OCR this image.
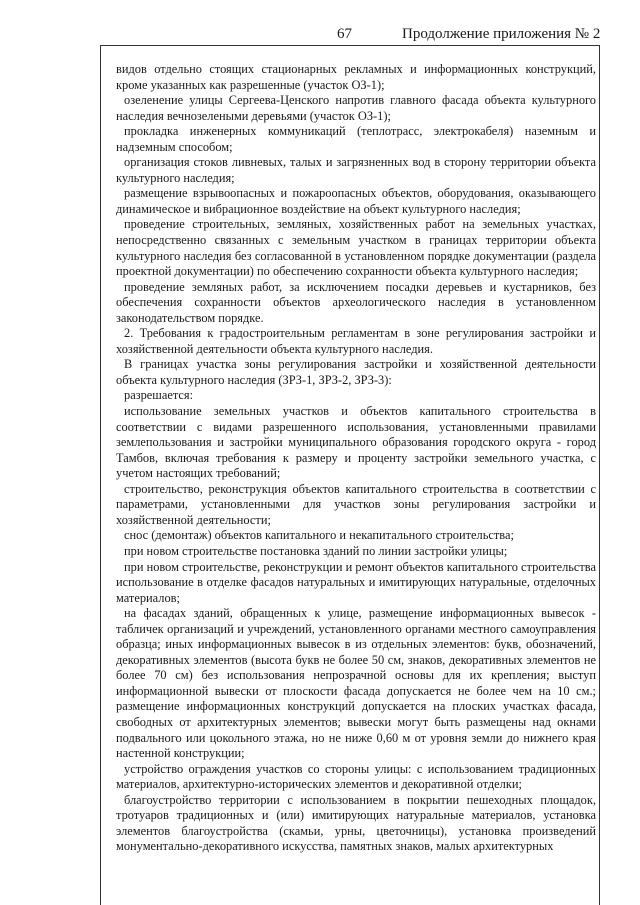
67	Продолжение приложения № 2

видов отдельно стоящих стационарных рекламных и информационных конструкций, кроме указанных как разрешенные (участок ОЗ-1);

озеленение улицы Сергеева-Ценского напротив главного фасада объекта культурного наследия вечнозелеными деревьями (участок ОЗ-1);

прокладка инженерных коммуникаций (теплотрасс, электрокабеля) наземным и надземным способом;

организация стоков ливневых, талых и загрязненных вод в сторону территории объекта культурного наследия;

размещение взрывоопасных и пожароопасных объектов, оборудования, оказывающего динамическое и вибрационное воздействие на объект культурного наследия;

проведение строительных, земляных, хозяйственных работ на земельных участках, непосредственно связанных с земельным участком в границах территории объекта культурного наследия без согласованной в установленном порядке документации (раздела проектной документации) по обеспечению сохранности объекта культурного наследия;

проведение земляных работ, за исключением посадки деревьев и кустарников, без обеспечения сохранности объектов археологического наследия в установленном законодательством порядке.

2. Требования к градостроительным регламентам в зоне регулирования застройки и хозяйственной деятельности объекта культурного наследия.

В границах участка зоны регулирования застройки и хозяйственной деятельности объекта культурного наследия (ЗРЗ-1, ЗРЗ-2, ЗРЗ-3):

разрешается:

использование земельных участков и объектов капитального строительства в соответствии с видами разрешенного использования, установленными правилами землепользования и застройки муниципального образования городского округа - город Тамбов, включая требования к размеру и проценту застройки земельного участка, с учетом настоящих требований;

строительство, реконструкция объектов капитального строительства в соответствии с параметрами, установленными для участков зоны регулирования застройки и хозяйственной деятельности;

снос (демонтаж) объектов капитального и некапитального строительства;

при новом строительстве постановка зданий по линии застройки улицы;

при новом строительстве, реконструкции и ремонт объектов капитального строительства использование в отделке фасадов натуральных и имитирующих натуральные, отделочных материалов;

на фасадах зданий, обращенных к улице, размещение информационных вывесок - табличек организаций и учреждений, установленного органами местного самоуправления образца; иных информационных вывесок в из отдельных элементов: букв, обозначений, декоративных элементов (высота букв не более 50 см, знаков, декоративных элементов не более 70 см) без использования непрозрачной основы для их крепления; выступ информационной вывески от плоскости фасада допускается не более чем на 10 см.; размещение информационных конструкций допускается на плоских участках фасада, свободных от архитектурных элементов; вывески могут быть размещены над окнами подвального или цокольного этажа, но не ниже 0,60 м от уровня земли до нижнего края настенной конструкции;

устройство ограждения участков со стороны улицы: с использованием традиционных материалов, архитектурно-исторических элементов и декоративной отделки;

благоустройство территории с использованием в покрытии пешеходных площадок, тротуаров традиционных и (или) имитирующих натуральные материалов, установка элементов благоустройства (скамьи, урны, цветочницы), установка произведений монументально-декоративного искусства, памятных знаков, малых архитектурных
